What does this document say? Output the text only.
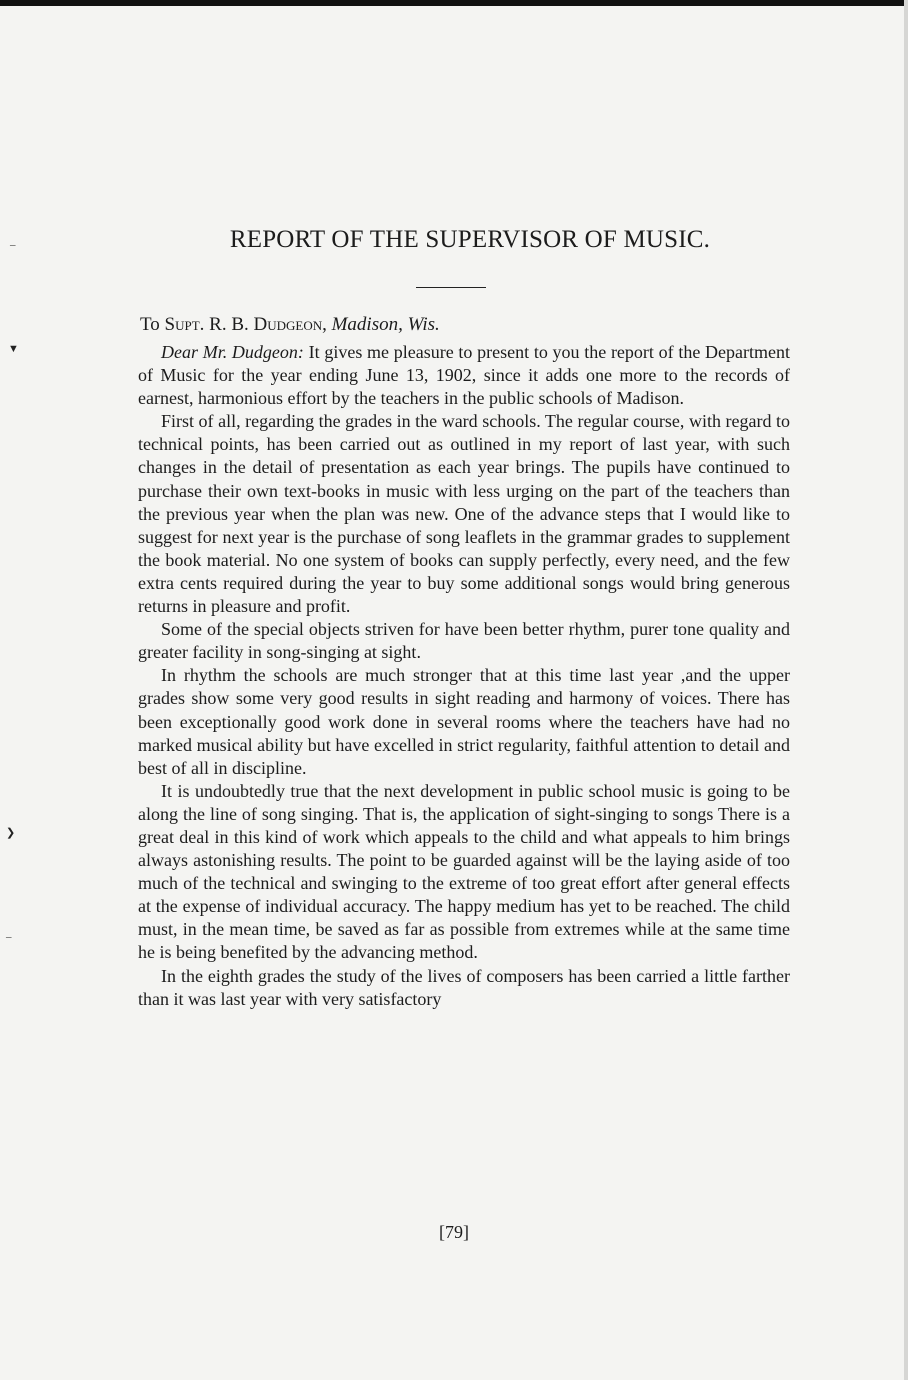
–
▼
❯
–
REPORT OF THE SUPERVISOR OF MUSIC.

To Supt. R. B. Dudgeon, Madison, Wis.

Dear Mr. Dudgeon: It gives me pleasure to present to you the report of the Department of Music for the year ending June 13, 1902, since it adds one more to the records of earnest, harmonious effort by the teachers in the public schools of Madison.

First of all, regarding the grades in the ward schools. The regular course, with regard to technical points, has been carried out as outlined in my report of last year, with such changes in the detail of presentation as each year brings. The pupils have continued to purchase their own text-books in music with less urging on the part of the teachers than the previous year when the plan was new. One of the advance steps that I would like to suggest for next year is the purchase of song leaflets in the grammar grades to supplement the book material. No one system of books can supply perfectly, every need, and the few extra cents required during the year to buy some additional songs would bring generous returns in pleasure and profit.

Some of the special objects striven for have been better rhythm, purer tone quality and greater facility in song-singing at sight.

In rhythm the schools are much stronger that at this time last year ,and the upper grades show some very good results in sight reading and harmony of voices. There has been exceptionally good work done in several rooms where the teachers have had no marked musical ability but have excelled in strict regularity, faithful attention to detail and best of all in discipline.

It is undoubtedly true that the next development in public school music is going to be along the line of song singing. That is, the application of sight-singing to songs There is a great deal in this kind of work which appeals to the child and what appeals to him brings always astonishing results. The point to be guarded against will be the laying aside of too much of the technical and swinging to the extreme of too great effort after general effects at the expense of individual accuracy. The happy medium has yet to be reached. The child must, in the mean time, be saved as far as possible from extremes while at the same time he is being benefited by the advancing method.

In the eighth grades the study of the lives of composers has been carried a little farther than it was last year with very satisfactory

[79]
